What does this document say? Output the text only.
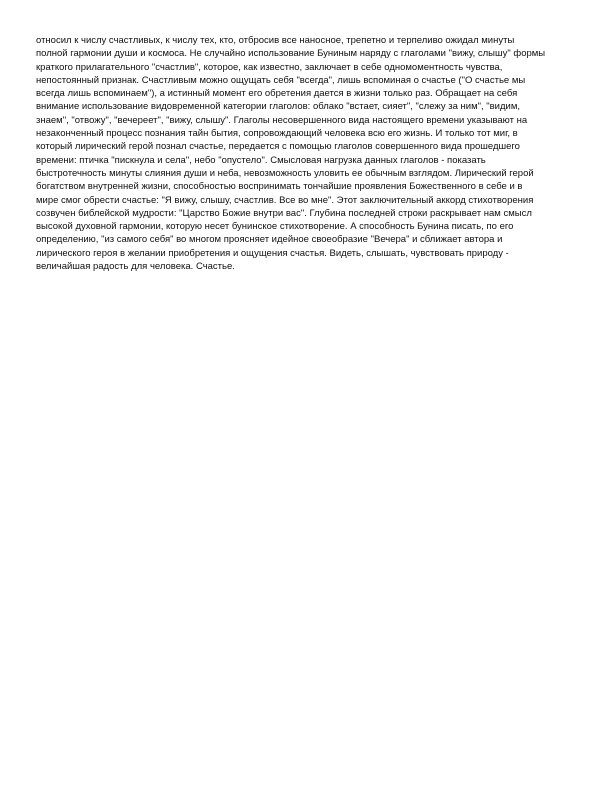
относил к числу счастливых, к числу тех, кто, отбросив все наносное, трепетно и терпеливо ожидал минуты
полной гармонии души и космоса. Не случайно использование Буниным наряду с глаголами "вижу, слышу" формы
краткого прилагательного "счастлив", которое, как известно, заключает в себе одномоментность чувства,
непостоянный признак. Счастливым можно ощущать себя "всегда", лишь вспоминая о счастье ("О счастье мы
всегда лишь вспоминаем"), а истинный момент его обретения дается в жизни только раз. Обращает на себя
внимание использование видовременной категории глаголов: облако "встает, сияет", "слежу за ним", "видим,
знаем", "отвожу", "вечереет", "вижу, слышу". Глаголы несовершенного вида настоящего времени указывают на
незаконченный процесс познания тайн бытия, сопровождающий человека всю его жизнь. И только тот миг, в
который лирический герой познал счастье, передается с помощью глаголов совершенного вида прошедшего
времени: птичка "пискнула и села", небо "опустело". Смысловая нагрузка данных глаголов - показать
быстротечность минуты слияния души и неба, невозможность уловить ее обычным взглядом. Лирический герой
богатством внутренней жизни, способностью воспринимать тончайшие проявления Божественного в себе и в
мире смог обрести счастье: "Я вижу, слышу, счастлив. Все во мне". Этот заключительный аккорд стихотворения
созвучен библейской мудрости: "Царство Божие внутри вас". Глубина последней строки раскрывает нам смысл
высокой духовной гармонии, которую несет бунинское стихотворение. А способность Бунина писать, по его
определению, "из самого себя" во многом проясняет идейное своеобразие "Вечера" и сближает автора и
лирического героя в желании приобретения и ощущения счастья. Видеть, слышать, чувствовать природу -
величайшая радость для человека. Счастье.
